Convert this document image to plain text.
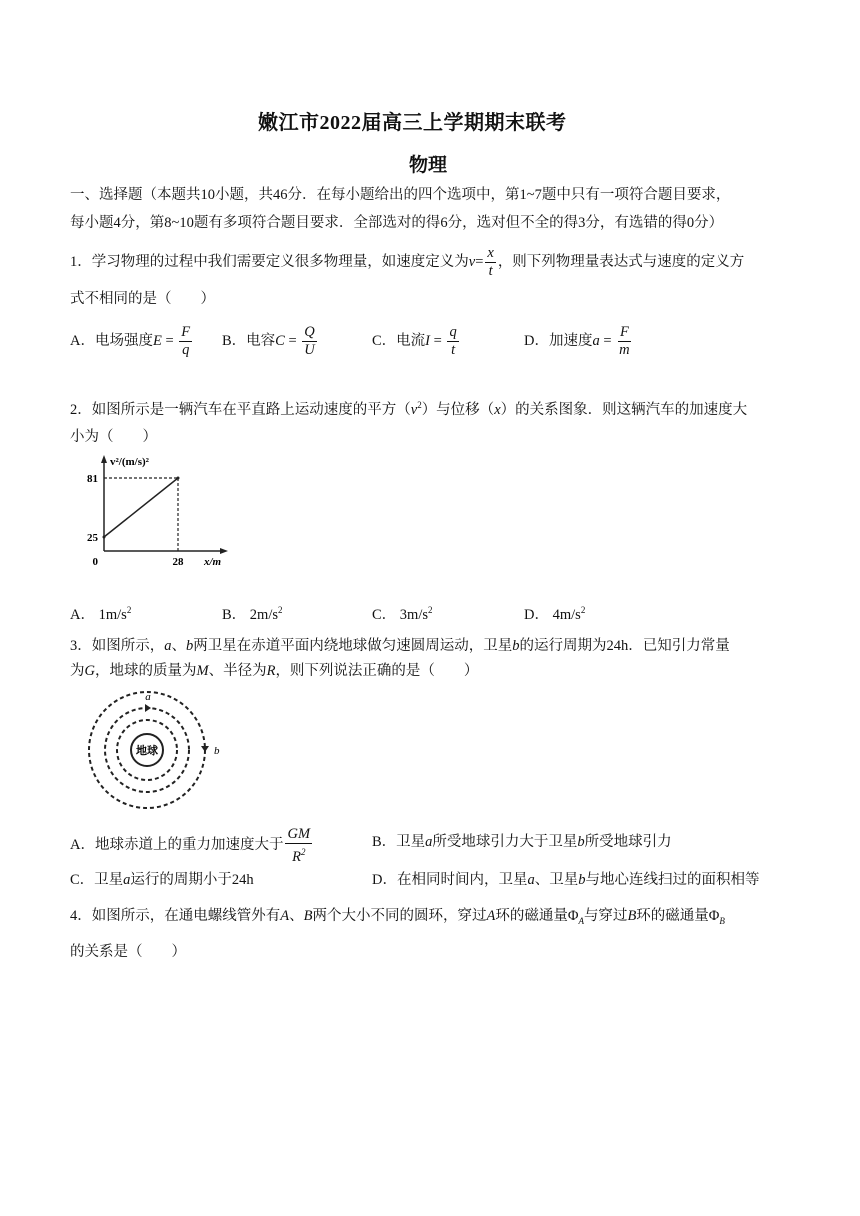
嫩江市2022届高三上学期期末联考
物理
一、选择题（本题共10小题，共46分．在每小题给出的四个选项中，第1~7题中只有一项符合题目要求，
每小题4分，第8~10题有多项符合题目要求．全部选对的得6分，选对但不全的得3分，有选错的得0分）
1．学习物理的过程中我们需要定义很多物理量，如速度定义为$v= \frac{x}{t}$ ，则下列物理量表达式与速度的定义方
式不相同的是（　　）
A．电场强度$E = \frac{F}{q}$ B．电容$C = \frac{Q}{U}$	C．电流$I = \frac{q}{t}$	D．加速度$a = \frac{F}{m}$
2．如图所示是一辆汽车在平直路上运动速度的平方$(v^2)$与位移（x）的关系图象．则这辆汽车的加速度大
小为（　　）
81
25
0	28 x/m
v²/(m/s)²
A． $1m/s^2$	B． $2m/s^2$	C． $3m/s^2$	D． $4m/s^2$
3．如图所示，a、b两卫星在赤道平面内绕地球做匀速圆周运动，卫星b的运行周期为24h．已知引力常量
为G，地球的质量为M、半径为R，则下列说法正确的是（　　）
地球
a
b
A．地球赤道上的重力加速度大于 $\frac{GM}{R^2}$	B．卫星a所受地球引力大于卫星b所受地球引力
C．卫星a运行的周期小于24h	D．在相同时间内，卫星a、卫星b与地心连线扫过的面积相等
4．如图所示，在通电螺线管外有A、B两个大小不同的圆环，穿过A环的磁通量$\Phi_A$与穿过B环的磁通量$\Phi_B$
的关系是（　　）
